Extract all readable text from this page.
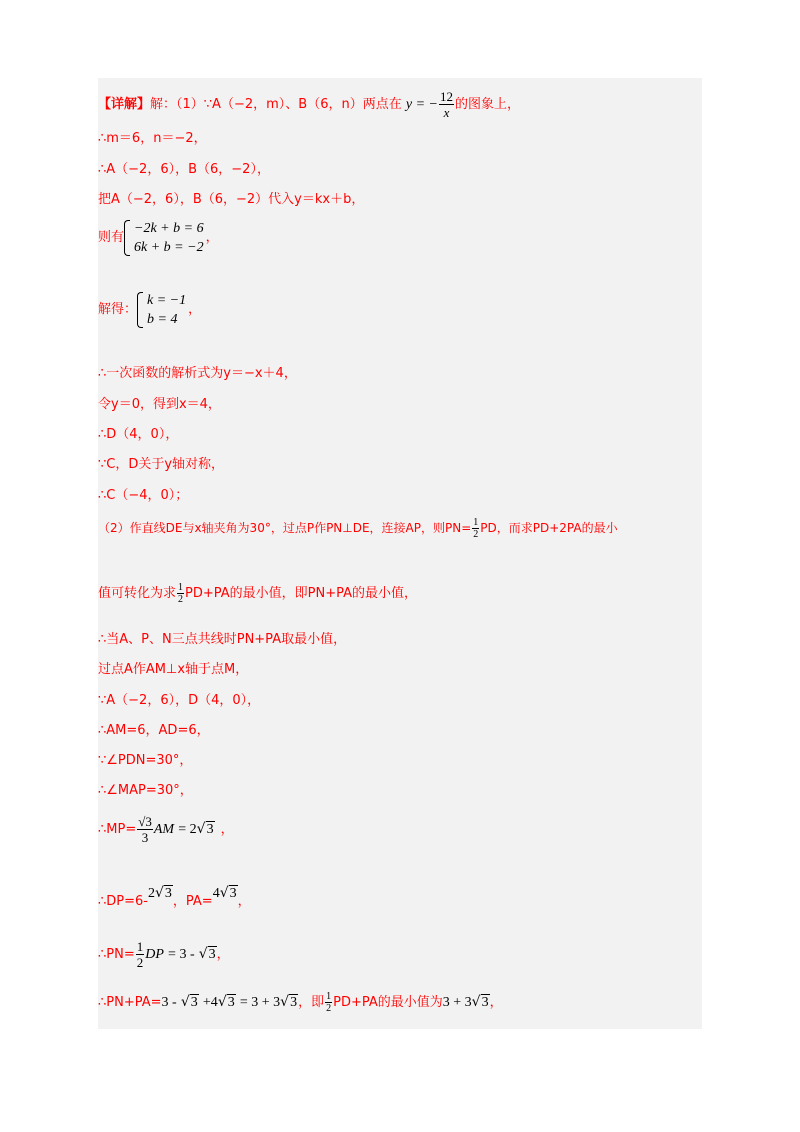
【详解】解：（1）∵A（−2，m）、B（6，n）两点在 y = − $\frac{12}{x}$ 的图象上，
∴m＝6，n＝−2，
∴A（−2，6），B（6，−2），
把A（−2，6），B（6，−2）代入y＝kx＋b，
则有
−2k + b = 6
6k + b = −2
，
解得：
k = −1
b = 4
，
∴一次函数的解析式为y＝−x＋4，
令y＝0，得到x＝4，
∴D（4，0），
∵C，D关于y轴对称，
∴C（−4，0）；
（2）作直线DE与x轴夹角为30°，过点P作PN⊥DE，连接AP，则$PN= \frac{1}{2}$ PD，而求PD+2PA的最小
值可转化为求 $\frac{1}{2} PD+PA$的最小值，即PN+PA的最小值，
∴当A、P、N三点共线时PN+PA取最小值，
过点A作AM⊥x轴于点M，
∵A（−2，6），D（4，0），
∴AM=6，AD=6，
∵∠PDN=30°，
∴∠MAP=30°，
∴MP= $\frac{√3}{3}$ AM = 2√3 ，
∴DP=6-2√3，PA=4√3，
∴PN= $\frac{1}{2}$ DP = 3 - √3，
∴PN+PA=3 - √3 +4√3 = 3 + 3√3，即 $\frac{1}{2} PD+PA$的最小值为3 + 3√3，
